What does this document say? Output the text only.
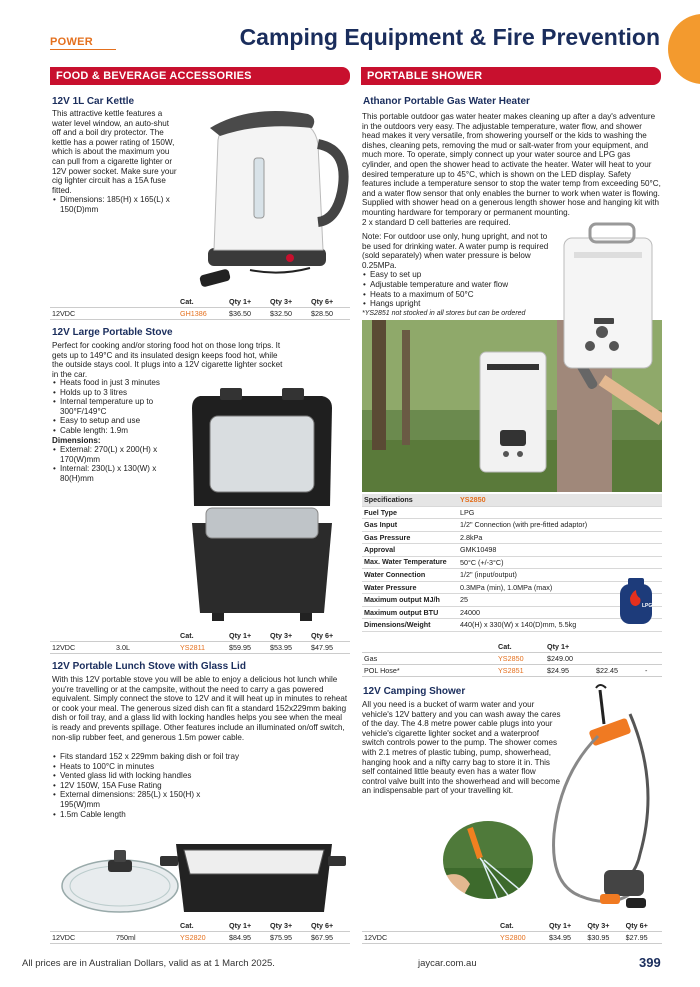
POWER	Camping Equipment & Fire Prevention
FOOD & BEVERAGE ACCESSORIES	PORTABLE SHOWER
12V 1L Car Kettle

This attractive kettle features a water level window, an auto-shut off and a boil dry protector. The kettle has a power rating of 150W, which is about the maximum you can pull from a cigarette lighter or 12V power socket. Make sure your cig lighter circuit has a 15A fuse fitted.

• Dimensions: 185(H) x 165(L) x 150(D)mm
		Cat.	Qty 1+	Qty 3+	Qty 6+
12VDC		GH1386	$36.50	$32.50	$28.50
12V Large Portable Stove

Perfect for cooking and/or storing food hot on those long trips. It gets up to 149°C and its insulated design keeps food hot, while the outside stays cool. It plugs into a 12V cigarette lighter socket in the car.

• Heats food in just 3 minutes
• Holds up to 3 litres
• Internal temperature up to 300°F/149°C
• Easy to setup and use
• Cable length: 1.9m

Dimensions:

• External: 270(L) x 200(H) x 170(W)mm
• Internal: 230(L) x 130(W) x 80(H)mm
		Cat.	Qty 1+	Qty 3+	Qty 6+
12VDC	3.0L	YS2811	$59.95	$53.95	$47.95
12V Portable Lunch Stove with Glass Lid

With this 12V portable stove you will be able to enjoy a delicious hot lunch while you're travelling or at the campsite, without the need to carry a gas powered equivalent. Simply connect the stove to 12V and it will heat up in minutes to reheat or cook your meal. The generous sized dish can fit a standard 152x229mm baking dish or foil tray, and a glass lid with locking handles helps you see when the meal is ready and prevents spillage. Other features include an illuminated on/off switch, non-slip rubber feet, and generous 1.5m power cable.

• Fits standard 152 x 229mm baking dish or foil tray
• Heats to 100°C in minutes
• Vented glass lid with locking handles
• 12V 150W, 15A Fuse Rating
• External dimensions: 285(L) x 150(H) x 195(W)mm
• 1.5m Cable length
		Cat.	Qty 1+	Qty 3+	Qty 6+
12VDC	750ml	YS2820	$84.95	$75.95	$67.95
Athanor Portable Gas Water Heater

This portable outdoor gas water heater makes cleaning up after a day's adventure in the outdoors very easy. The adjustable temperature, water flow, and shower head makes it very versatile, from showering yourself or the kids to washing the dishes, cleaning pets, removing the mud or salt-water from your equipment, and much more. To operate, simply connect up your water source and LPG gas cylinder, and open the shower head to activate the heater. Water will heat to your desired temperature up to 45°C, which is shown on the LED display. Safety features include a temperature sensor to stop the water temp from exceeding 50°C, and a water flow sensor that only enables the burner to work when water is flowing. Supplied with shower head on a generous length shower hose and hanging kit with mounting hardware for temporary or permanent mounting.

2 x standard D cell batteries are required.

Note: For outdoor use only, hung upright, and not to be used for drinking water. A water pump is required (sold separately) when water pressure is below 0.25MPa.

• Easy to set up
• Adjustable temperature and water flow
• Heats to a maximum of 50°C
• Hangs upright

*YS2851 not stocked in all stores but can be ordered

ATHANOR
Specifications	YS2850
Fuel Type	LPG
Gas Input	1/2" Connection (with pre-fitted adaptor)
Gas Pressure	2.8kPa
Approval	GMK10498
Max. Water Temperature	50°C (+/-3°C)
Water Connection	1/2" (input/output)
Water Pressure	0.3MPa (min), 1.0MPa (max)
Maximum output MJ/h	25
Maximum output BTU	24000
Dimensions/Weight	440(H) x 330(W) x 140(D)mm, 5.5kg
LPG
	Cat.	Qty 1+		
Gas	YS2850	$249.00		
POL Hose*	YS2851	$24.95	$22.45	-
12V Camping Shower

All you need is a bucket of warm water and your vehicle's 12V battery and you can wash away the cares of the day. The 4.8 metre power cable plugs into your vehicle's cigarette lighter socket and a waterproof switch controls power to the pump. The shower comes with 2.1 metres of plastic tubing, pump, showerhead, hanging hook and a nifty carry bag to store it in. This self contained little beauty even has a water flow control valve built into the showerhead and will become an indispensable part of your travelling kit.

		Cat.	Qty 1+	Qty 3+	Qty 6+
12VDC		YS2800	$34.95	$30.95	$27.95
All prices are in Australian Dollars, valid as at 1 March 2025.	jaycar.com.au	399
